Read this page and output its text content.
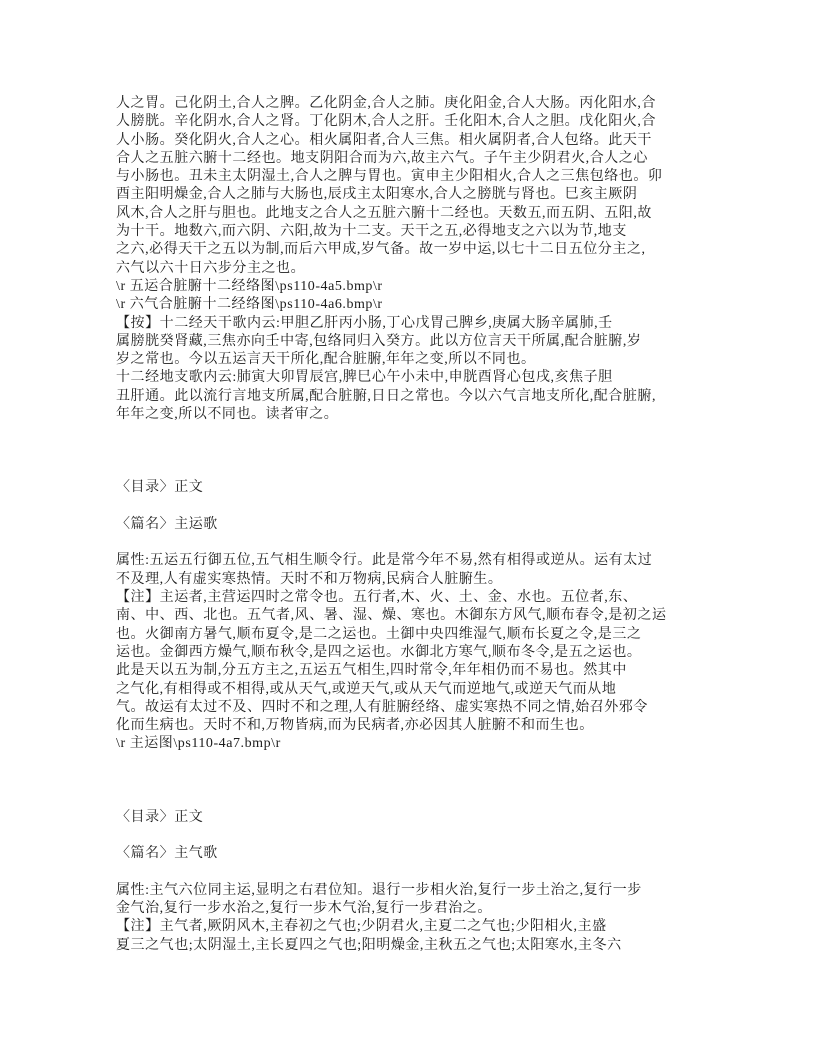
人之胃。己化阴土,合人之脾。乙化阴金,合人之肺。庚化阳金,合人大肠。丙化阳水,合
人膀胱。辛化阴水,合人之肾。丁化阴木,合人之肝。壬化阳木,合人之胆。戊化阳火,合
人小肠。癸化阴火,合人之心。相火属阳者,合人三焦。相火属阴者,合人包络。此天干
合人之五脏六腑十二经也。地支阴阳合而为六,故主六气。子午主少阴君火,合人之心
与小肠也。丑未主太阴湿土,合人之脾与胃也。寅申主少阳相火,合人之三焦包络也。卯
酉主阳明燥金,合人之肺与大肠也,辰戌主太阳寒水,合人之膀胱与肾也。巳亥主厥阴
风木,合人之肝与胆也。此地支之合人之五脏六腑十二经也。天数五,而五阴、五阳,故
为十干。地数六,而六阴、六阳,故为十二支。天干之五,必得地支之六以为节,地支
之六,必得天干之五以为制,而后六甲成,岁气备。故一岁中运,以七十二日五位分主之,
六气以六十日六步分主之也。
\r 五运合脏腑十二经络图\ps110-4a5.bmp\r
\r 六气合脏腑十二经络图\ps110-4a6.bmp\r
【按】十二经天干歌内云:甲胆乙肝丙小肠,丁心戊胃己脾乡,庚属大肠辛属肺,壬
属膀胱癸肾藏,三焦亦向壬中寄,包络同归入癸方。此以方位言天干所属,配合脏腑,岁
岁之常也。今以五运言天干所化,配合脏腑,年年之变,所以不同也。
十二经地支歌内云:肺寅大卯胃辰宫,脾巳心午小未中,申胱酉肾心包戌,亥焦子胆
丑肝通。此以流行言地支所属,配合脏腑,日日之常也。今以六气言地支所化,配合脏腑,
年年之变,所以不同也。读者审之。
〈目录〉正文
〈篇名〉主运歌
属性:五运五行御五位,五气相生顺令行。此是常今年不易,然有相得或逆从。运有太过
不及理,人有虚实寒热情。天时不和万物病,民病合人脏腑生。
【注】主运者,主营运四时之常令也。五行者,木、火、土、金、水也。五位者,东、
南、中、西、北也。五气者,风、暑、湿、燥、寒也。木御东方风气,顺布春令,是初之运
也。火御南方暑气,顺布夏令,是二之运也。土御中央四维湿气,顺布长夏之令,是三之
运也。金御西方燥气,顺布秋令,是四之运也。水御北方寒气,顺布冬令,是五之运也。
此是天以五为制,分五方主之,五运五气相生,四时常令,年年相仍而不易也。然其中
之气化,有相得或不相得,或从天气,或逆天气,或从天气而逆地气,或逆天气而从地
气。故运有太过不及、四时不和之理,人有脏腑经络、虚实寒热不同之情,始召外邪令
化而生病也。天时不和,万物皆病,而为民病者,亦必因其人脏腑不和而生也。
\r 主运图\ps110-4a7.bmp\r
〈目录〉正文
〈篇名〉主气歌
属性:主气六位同主运,显明之右君位知。退行一步相火治,复行一步土治之,复行一步
金气治,复行一步水治之,复行一步木气治,复行一步君治之。
【注】主气者,厥阴风木,主春初之气也;少阴君火,主夏二之气也;少阳相火,主盛
夏三之气也;太阴湿土,主长夏四之气也;阳明燥金,主秋五之气也;太阳寒水,主冬六
